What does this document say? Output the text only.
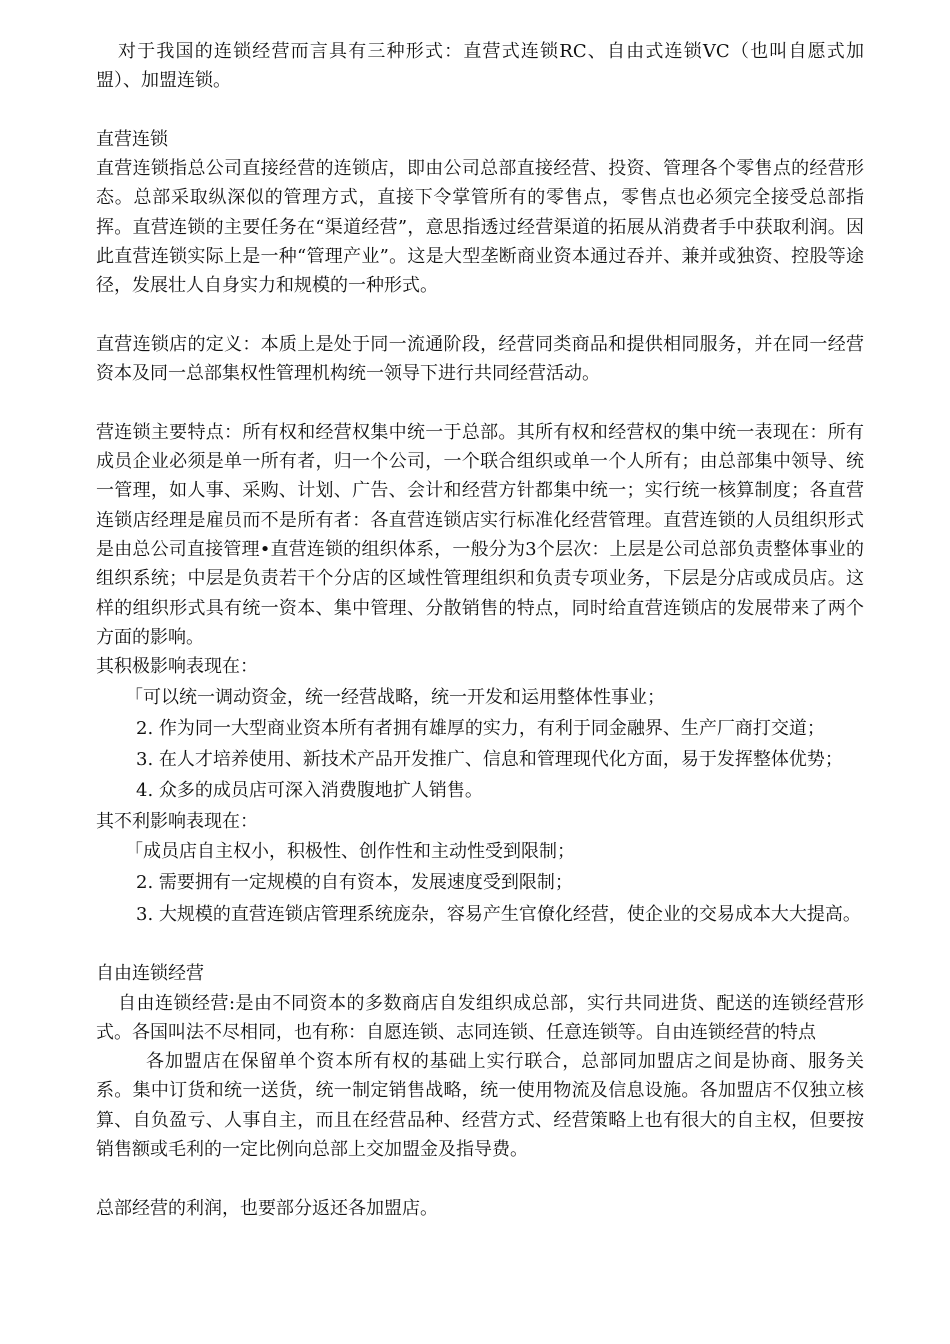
对于我国的连锁经营而言具有三种形式：直营式连锁RC、自由式连锁VC（也叫自愿式加盟）、加盟连锁。

直营连锁

直营连锁指总公司直接经营的连锁店，即由公司总部直接经营、投资、管理各个零售点的经营形态。总部采取纵深似的管理方式，直接下令掌管所有的零售点，零售点也必须完全接受总部指挥。直营连锁的主要任务在“渠道经营”，意思指透过经营渠道的拓展从消费者手中获取利润。因此直营连锁实际上是一种“管理产业”。这是大型垄断商业资本通过吞并、兼并或独资、控股等途径，发展壮人自身实力和规模的一种形式。

直营连锁店的定义：本质上是处于同一流通阶段，经营同类商品和提供相同服务，并在同一经营资本及同一总部集权性管理机构统一领导下进行共同经营活动。

营连锁主要特点：所有权和经营权集中统一于总部。其所有权和经营权的集中统一表现在：所有成员企业必须是单一所有者，归一个公司，一个联合组织或单一个人所有；由总部集中领导、统一管理，如人事、采购、计划、广告、会计和经营方针都集中统一；实行统一核算制度；各直营连锁店经理是雇员而不是所有者：各直营连锁店实行标准化经营管理。直营连锁的人员组织形式是由总公司直接管理•直营连锁的组织体系，一般分为3个层次：上层是公司总部负责整体事业的组织系统；中层是负责若干个分店的区域性管理组织和负责专项业务，下层是分店或成员店。这样的组织形式具有统一资本、集中管理、分散销售的特点，同时给直营连锁店的发展带来了两个方面的影响。

其积极影响表现在：

「可以统一调动资金，统一经营战略，统一开发和运用整体性事业；

2. 作为同一大型商业资本所有者拥有雄厚的实力，有利于同金融界、生产厂商打交道；

3. 在人才培养使用、新技术产品开发推广、信息和管理现代化方面，易于发挥整体优势；

4. 众多的成员店可深入消费腹地扩人销售。

其不利影响表现在：

「成员店自主权小，积极性、创作性和主动性受到限制；

2. 需要拥有一定规模的自有资本，发展速度受到限制；

3. 大规模的直营连锁店管理系统庞杂，容易产生官僚化经营，使企业的交易成本大大提高。

自由连锁经营

自由连锁经营:是由不同资本的多数商店自发组织成总部，实行共同进货、配送的连锁经营形式。各国叫法不尽相同，也有称：自愿连锁、志同连锁、任意连锁等。自由连锁经营的特点

各加盟店在保留单个资本所有权的基础上实行联合，总部同加盟店之间是协商、服务关系。集中订货和统一送货，统一制定销售战略，统一使用物流及信息设施。各加盟店不仅独立核算、自负盈亏、人事自主，而且在经营品种、经营方式、经营策略上也有很大的自主权，但要按销售额或毛利的一定比例向总部上交加盟金及指导费。

总部经营的利润，也要部分返还各加盟店。
